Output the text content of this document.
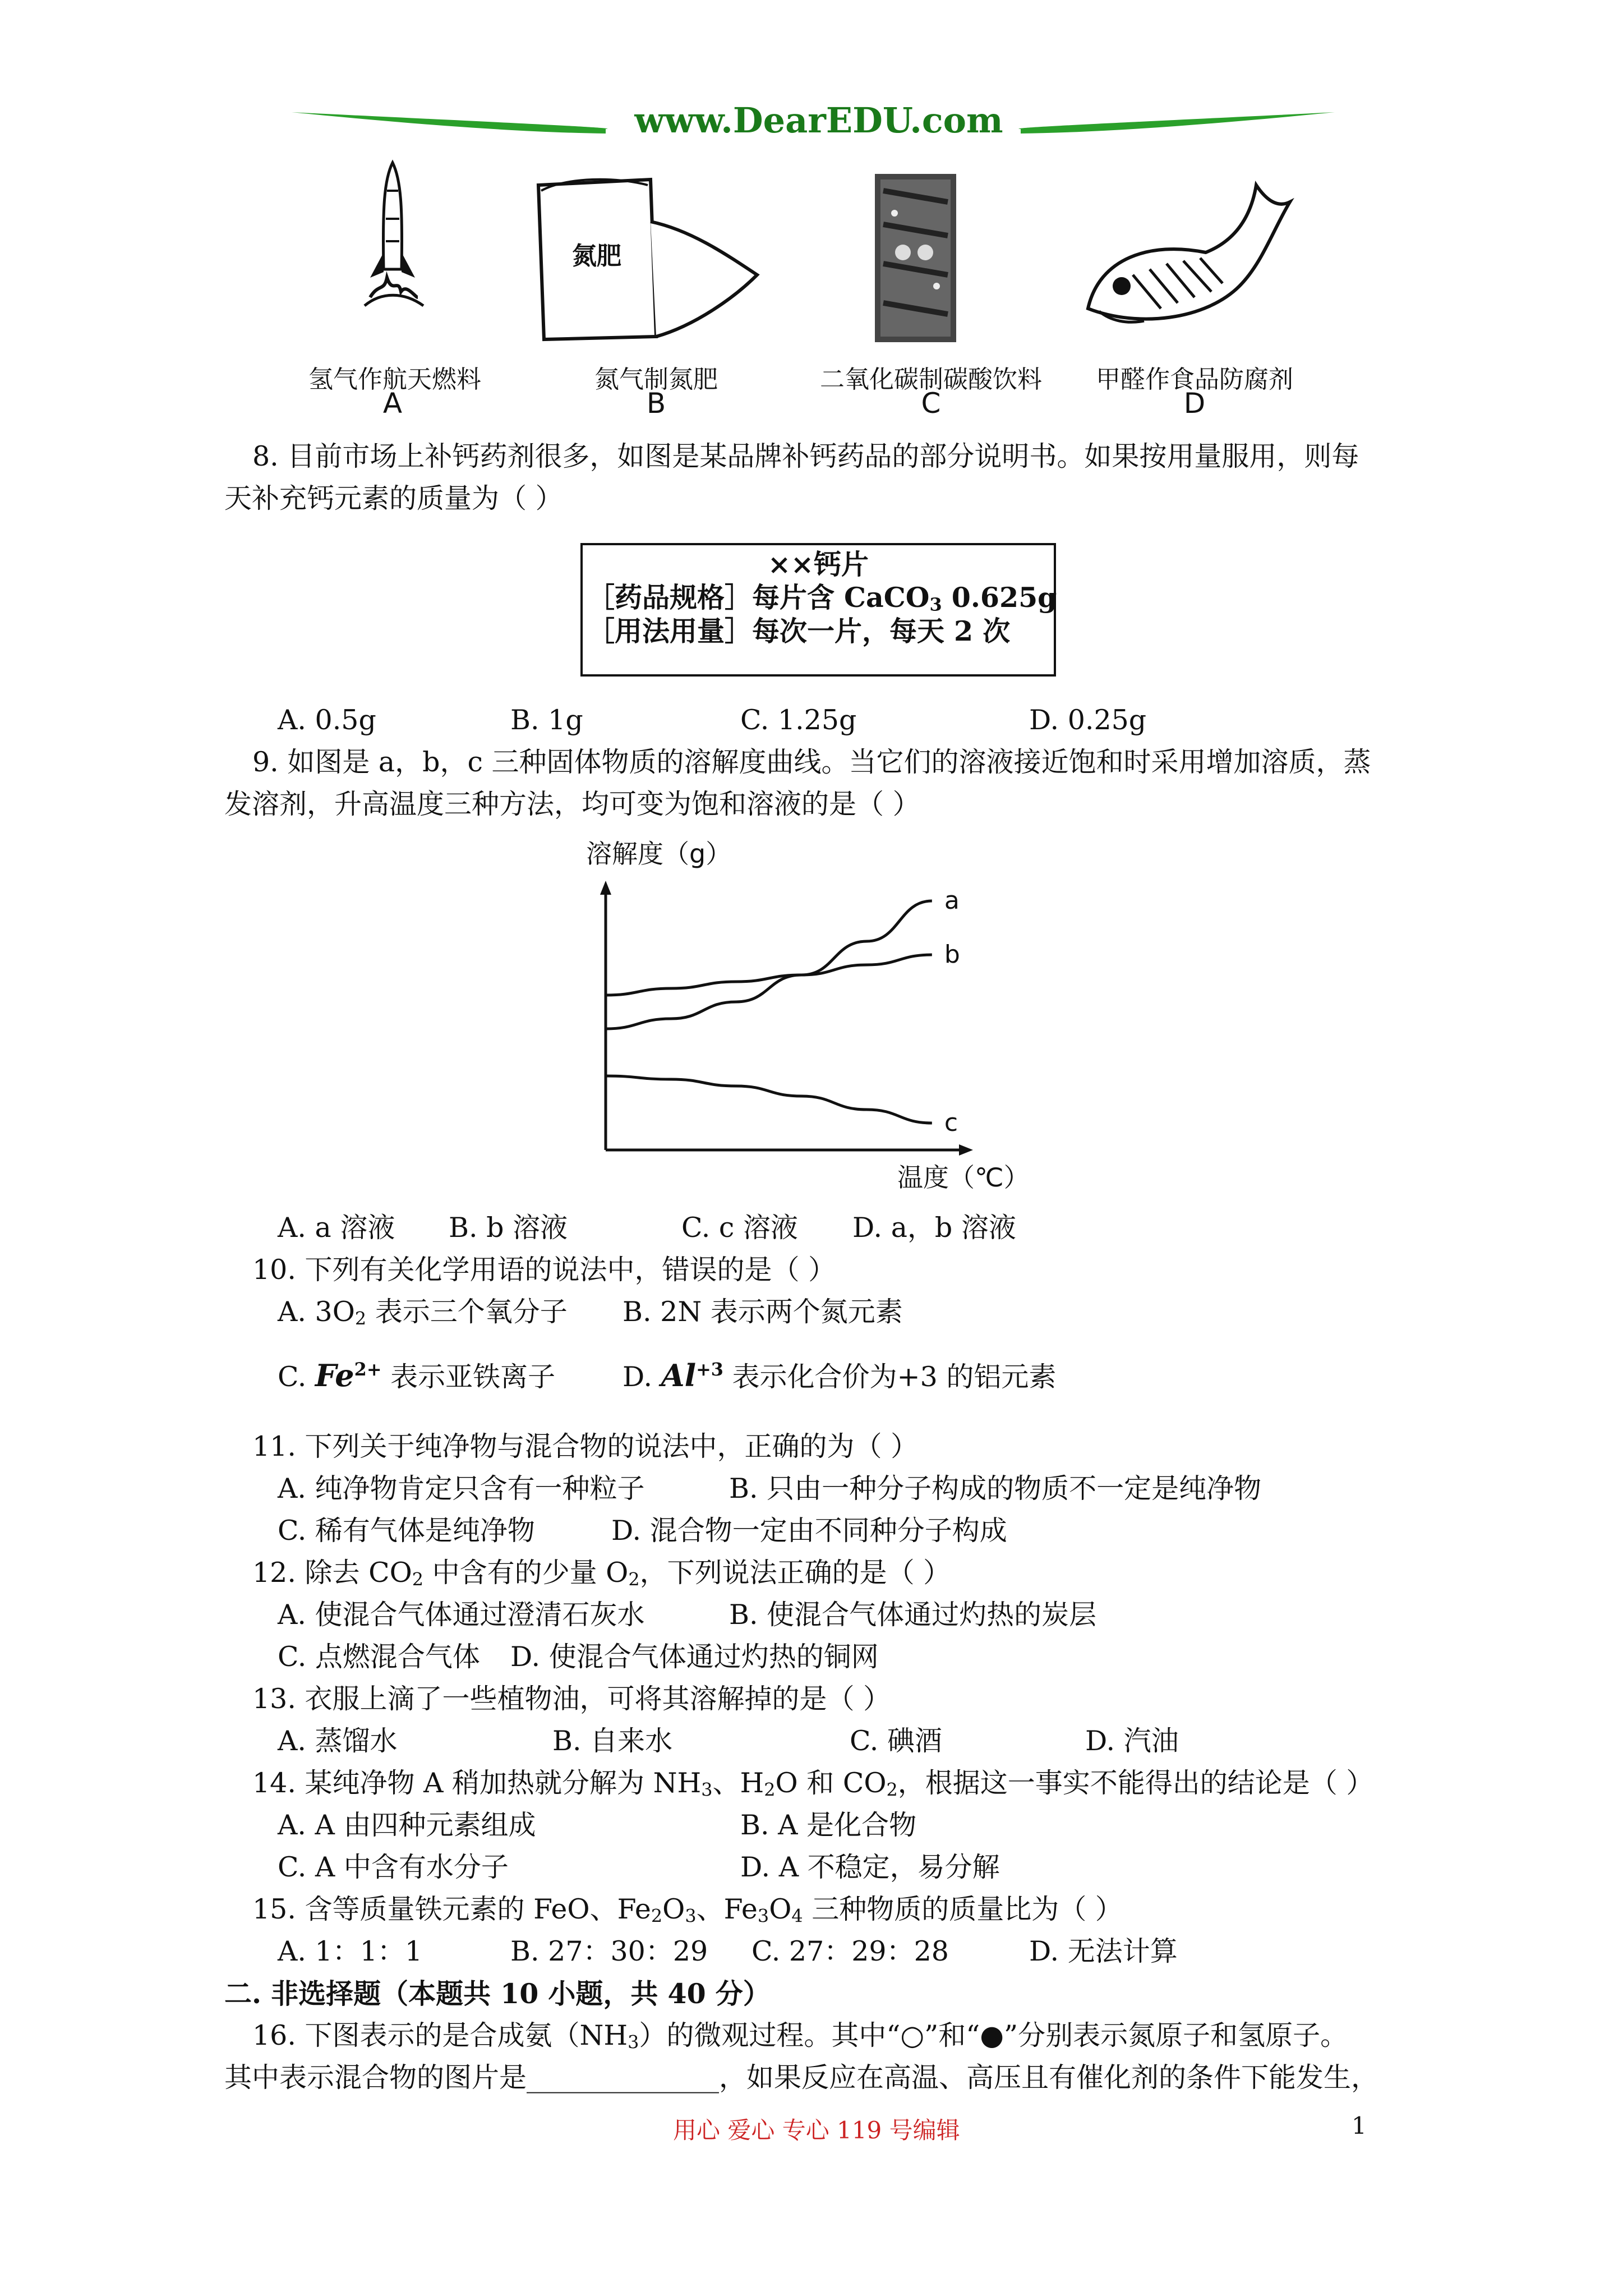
www.DearEDU.com
氮肥
氢气作航天燃料
A
氮气制氮肥
B
二氧化碳制碳酸饮料
C
甲醛作食品防腐剂
D
8. 目前市场上补钙药剂很多，如图是某品牌补钙药品的部分说明书。如果按用量服用，则每
天补充钙元素的质量为（ ）
××钙片
［药品规格］每片含 CaCO$_3$ 0.625g
［用法用量］每次一片，每天 2 次
A. 0.5g	B. 1g	C. 1.25g	D. 0.25g
9. 如图是 a，b，c 三种固体物质的溶解度曲线。当它们的溶液接近饱和时采用增加溶质，蒸
发溶剂，升高温度三种方法，均可变为饱和溶液的是（ ）
溶解度（g）
a
b
c
温度（℃）
A. a 溶液 B. b 溶液	C. c 溶液 D. a，b 溶液
10. 下列有关化学用语的说法中，错误的是（ ）
A. $3O_2$ 表示三个氧分子 B. 2N 表示两个氮元素
C. $Fe^{2+}$ 表示亚铁离子 D. $Al^{+3}$ 表示化合价为+3 的铝元素
11. 下列关于纯净物与混合物的说法中，正确的为（ ）
A. 纯净物肯定只含有一种粒子	B. 只由一种分子构成的物质不一定是纯净物
C. 稀有气体是纯净物	D. 混合物一定由不同种分子构成
12. 除去 $CO_2$ 中含有的少量 $O_2$，下列说法正确的是（ ）
A. 使混合气体通过澄清石灰水	B. 使混合气体通过灼热的炭层
C. 点燃混合气体 D. 使混合气体通过灼热的铜网
13. 衣服上滴了一些植物油，可将其溶解掉的是（ ）
A. 蒸馏水	B. 自来水	C. 碘酒	D. 汽油
14. 某纯净物 A 稍加热就分解为 $NH_3$、$H_2O$ 和 $CO_2$，根据这一事实不能得出的结论是（ ）
A. A 由四种元素组成	B. A 是化合物
C. A 中含有水分子	D. A 不稳定，易分解
15. 含等质量铁元素的 FeO、$Fe_2O_3$、$Fe_3O_4$ 三种物质的质量比为（ ）
A. 1：1：1	B. 27：30：29 C. 27：29：28	D. 无法计算
二. 非选择题（本题共 10 小题，共 40 分）
16. 下图表示的是合成氨$(NH_3)$的微观过程。其中“○”和“●”分别表示氮原子和氢原子。
其中表示混合物的图片是______________，如果反应在高温、高压且有催化剂的条件下能发生，
用心 爱心 专心 119 号编辑	1
